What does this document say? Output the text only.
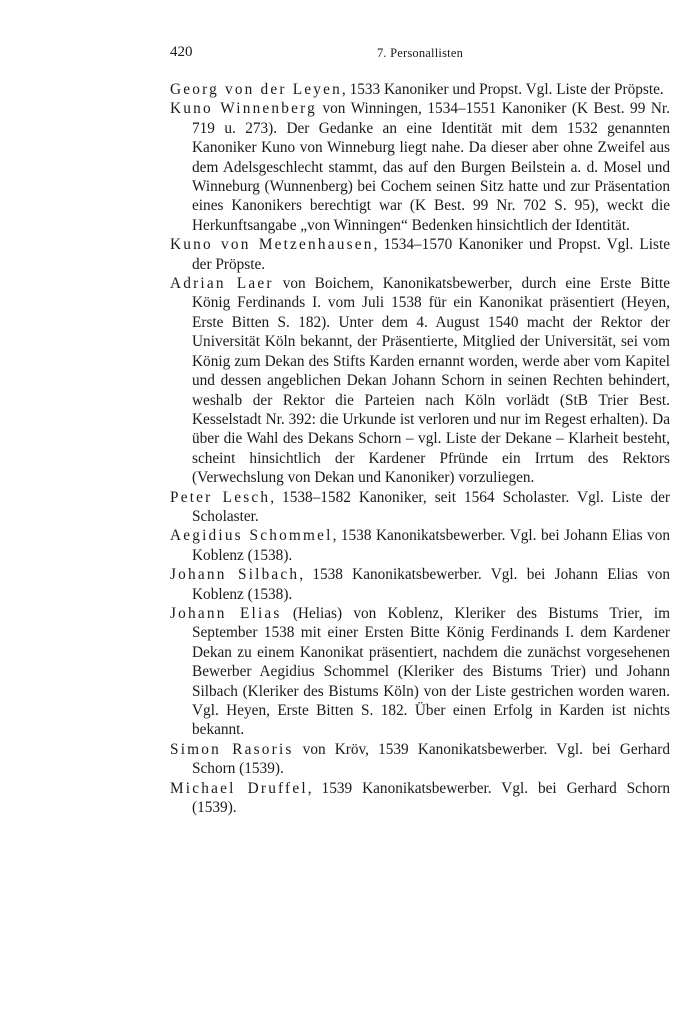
420	7. Personallisten

Georg von der Leyen, 1533 Kanoniker und Propst. Vgl. Liste der Pröpste.

Kuno Winnenberg von Winningen, 1534–1551 Kanoniker (K Best. 99 Nr. 719 u. 273). Der Gedanke an eine Identität mit dem 1532 genannten Kanoniker Kuno von Winneburg liegt nahe. Da dieser aber ohne Zweifel aus dem Adelsgeschlecht stammt, das auf den Burgen Beilstein a. d. Mosel und Winneburg (Wunnenberg) bei Cochem seinen Sitz hatte und zur Präsentation eines Kanonikers berechtigt war (K Best. 99 Nr. 702 S. 95), weckt die Herkunftsangabe „von Winningen“ Bedenken hinsichtlich der Identität.

Kuno von Metzenhausen, 1534–1570 Kanoniker und Propst. Vgl. Liste der Pröpste.

Adrian Laer von Boichem, Kanonikatsbewerber, durch eine Erste Bitte König Ferdinands I. vom Juli 1538 für ein Kanonikat präsentiert (Heyen, Erste Bitten S. 182). Unter dem 4. August 1540 macht der Rektor der Universität Köln bekannt, der Präsentierte, Mitglied der Universität, sei vom König zum Dekan des Stifts Karden ernannt worden, werde aber vom Kapitel und dessen angeblichen Dekan Johann Schorn in seinen Rechten behindert, weshalb der Rektor die Parteien nach Köln vorlädt (StB Trier Best. Kesselstadt Nr. 392: die Urkunde ist verloren und nur im Regest erhalten). Da über die Wahl des Dekans Schorn – vgl. Liste der Dekane – Klarheit besteht, scheint hinsichtlich der Kardener Pfründe ein Irrtum des Rektors (Verwechslung von Dekan und Kanoniker) vorzuliegen.

Peter Lesch, 1538–1582 Kanoniker, seit 1564 Scholaster. Vgl. Liste der Scholaster.

Aegidius Schommel, 1538 Kanonikatsbewerber. Vgl. bei Johann Elias von Koblenz (1538).

Johann Silbach, 1538 Kanonikatsbewerber. Vgl. bei Johann Elias von Koblenz (1538).

Johann Elias (Helias) von Koblenz, Kleriker des Bistums Trier, im September 1538 mit einer Ersten Bitte König Ferdinands I. dem Kardener Dekan zu einem Kanonikat präsentiert, nachdem die zunächst vorgesehenen Bewerber Aegidius Schommel (Kleriker des Bistums Trier) und Johann Silbach (Kleriker des Bistums Köln) von der Liste gestrichen worden waren. Vgl. Heyen, Erste Bitten S. 182. Über einen Erfolg in Karden ist nichts bekannt.

Simon Rasoris von Kröv, 1539 Kanonikatsbewerber. Vgl. bei Gerhard Schorn (1539).

Michael Druffel, 1539 Kanonikatsbewerber. Vgl. bei Gerhard Schorn (1539).
